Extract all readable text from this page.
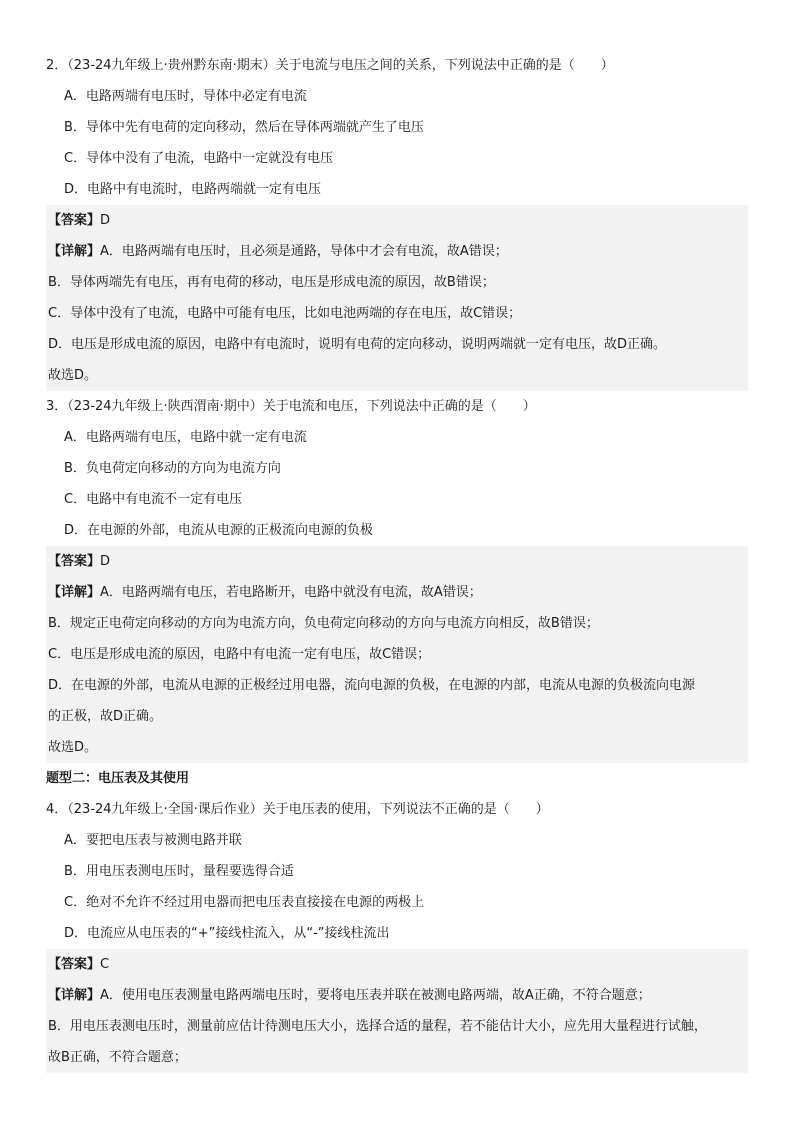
2．（23-24九年级上·贵州黔东南·期末）关于电流与电压之间的关系，下列说法中正确的是（　　）
A．电路两端有电压时，导体中必定有电流
B．导体中先有电荷的定向移动，然后在导体两端就产生了电压
C．导体中没有了电流，电路中一定就没有电压
D．电路中有电流时，电路两端就一定有电压
【答案】D
【详解】A．电路两端有电压时，且必须是通路，导体中才会有电流，故A错误；
B．导体两端先有电压，再有电荷的移动，电压是形成电流的原因，故B错误；
C．导体中没有了电流，电路中可能有电压，比如电池两端的存在电压，故C错误；
D．电压是形成电流的原因，电路中有电流时，说明有电荷的定向移动，说明两端就一定有电压，故D正确。
故选D。
3．（23-24九年级上·陕西渭南·期中）关于电流和电压，下列说法中正确的是（　　）
A．电路两端有电压，电路中就一定有电流
B．负电荷定向移动的方向为电流方向
C．电路中有电流不一定有电压
D．在电源的外部，电流从电源的正极流向电源的负极
【答案】D
【详解】A．电路两端有电压，若电路断开，电路中就没有电流，故A错误；
B．规定正电荷定向移动的方向为电流方向，负电荷定向移动的方向与电流方向相反，故B错误；
C．电压是形成电流的原因，电路中有电流一定有电压，故C错误；
D．在电源的外部，电流从电源的正极经过用电器，流向电源的负极，在电源的内部，电流从电源的负极流向电源
的正极，故D正确。
故选D。
题型二：电压表及其使用
4．（23-24九年级上·全国·课后作业）关于电压表的使用，下列说法不正确的是（　　）
A．要把电压表与被测电路并联
B．用电压表测电压时，量程要选得合适
C．绝对不允许不经过用电器而把电压表直接接在电源的两极上
D．电流应从电压表的“+”接线柱流入，从“-”接线柱流出
【答案】C
【详解】A．使用电压表测量电路两端电压时，要将电压表并联在被测电路两端，故A正确，不符合题意；
B．用电压表测电压时，测量前应估计待测电压大小，选择合适的量程，若不能估计大小，应先用大量程进行试触，
故B正确，不符合题意；
